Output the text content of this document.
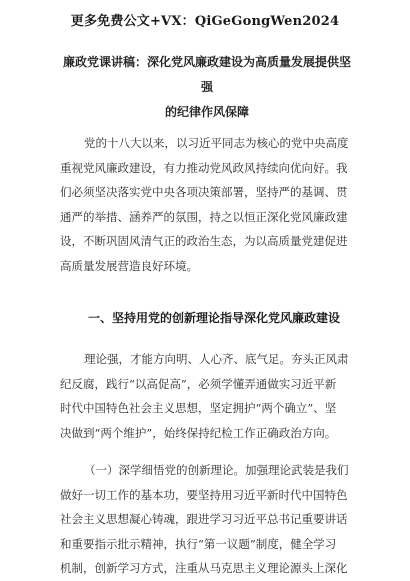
更多免费公文+VX：QiGeGongWen2024
廉政党课讲稿：深化党风廉政建设为高质量发展提供坚强
的纪律作风保障
党的十八大以来，以习近平同志为核心的党中央高度
重视党风廉政建设，有力推动党风政风持续向优向好。我
们必须坚决落实党中央各项决策部署，坚持严的基调、贯
通严的举措、涵养严的氛围，持之以恒正深化党风廉政建
设，不断巩固风清气正的政治生态，为以高质量党建促进
高质量发展营造良好环境。
一、坚持用党的创新理论指导深化党风廉政建设
理论强，才能方向明、人心齐、底气足。夯头正风肃
纪反腐，践行“以高促高”，必须学懂弄通做实习近平新
时代中国特色社会主义思想，坚定拥护“两个确立”、坚
决做到“两个维护”，始终保持纪检工作正确政治方向。
（一）深学细悟党的创新理论。加强理论武装是我们
做好一切工作的基本功，要坚持用习近平新时代中国特色
社会主义思想凝心铸魂，跟进学习习近平总书记重要讲话
和重要指示批示精神，执行“第一议题”制度，健全学习
机制，创新学习方式，注重从马克思主义理论源头上深化
